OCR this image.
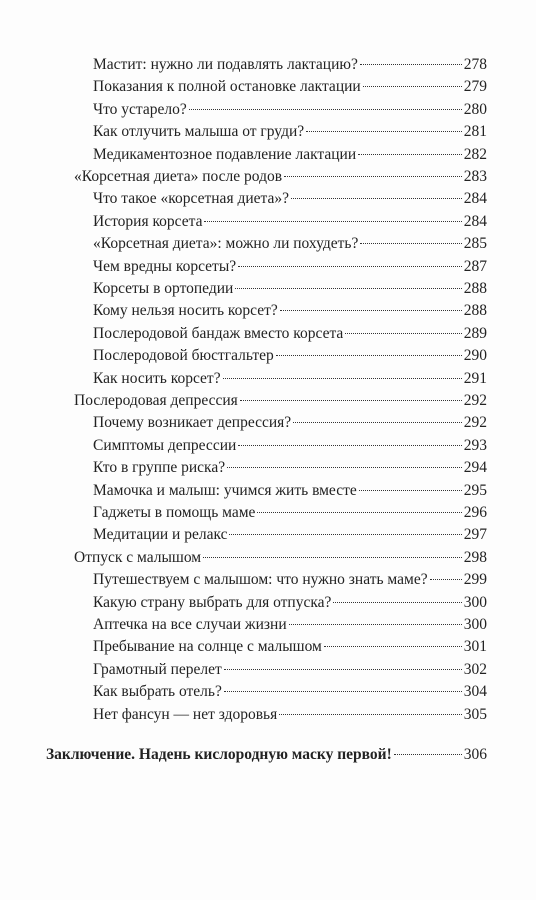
Мастит: нужно ли подавлять лактацию?	278
Показания к полной остановке лактации	279
Что устарело?	280
Как отлучить малыша от груди?	281
Медикаментозное подавление лактации	282
«Корсетная диета» после родов	283
Что такое «корсетная диета»?	284
История корсета	284
«Корсетная диета»: можно ли похудеть?	285
Чем вредны корсеты?	287
Корсеты в ортопедии	288
Кому нельзя носить корсет?	288
Послеродовой бандаж вместо корсета	289
Послеродовой бюстгальтер	290
Как носить корсет?	291
Послеродовая депрессия	292
Почему возникает депрессия?	292
Симптомы депрессии	293
Кто в группе риска?	294
Мамочка и малыш: учимся жить вместе	295
Гаджеты в помощь маме	296
Медитации и релакс	297
Отпуск с малышом	298
Путешествуем с малышом: что нужно знать маме? 299
Какую страну выбрать для отпуска?	300
Аптечка на все случаи жизни	300
Пребывание на солнце с малышом	301
Грамотный перелет	302
Как выбрать отель?	304
Нет фансун — нет здоровья	305
Заключение. Надень кислородную маску первой!	306
